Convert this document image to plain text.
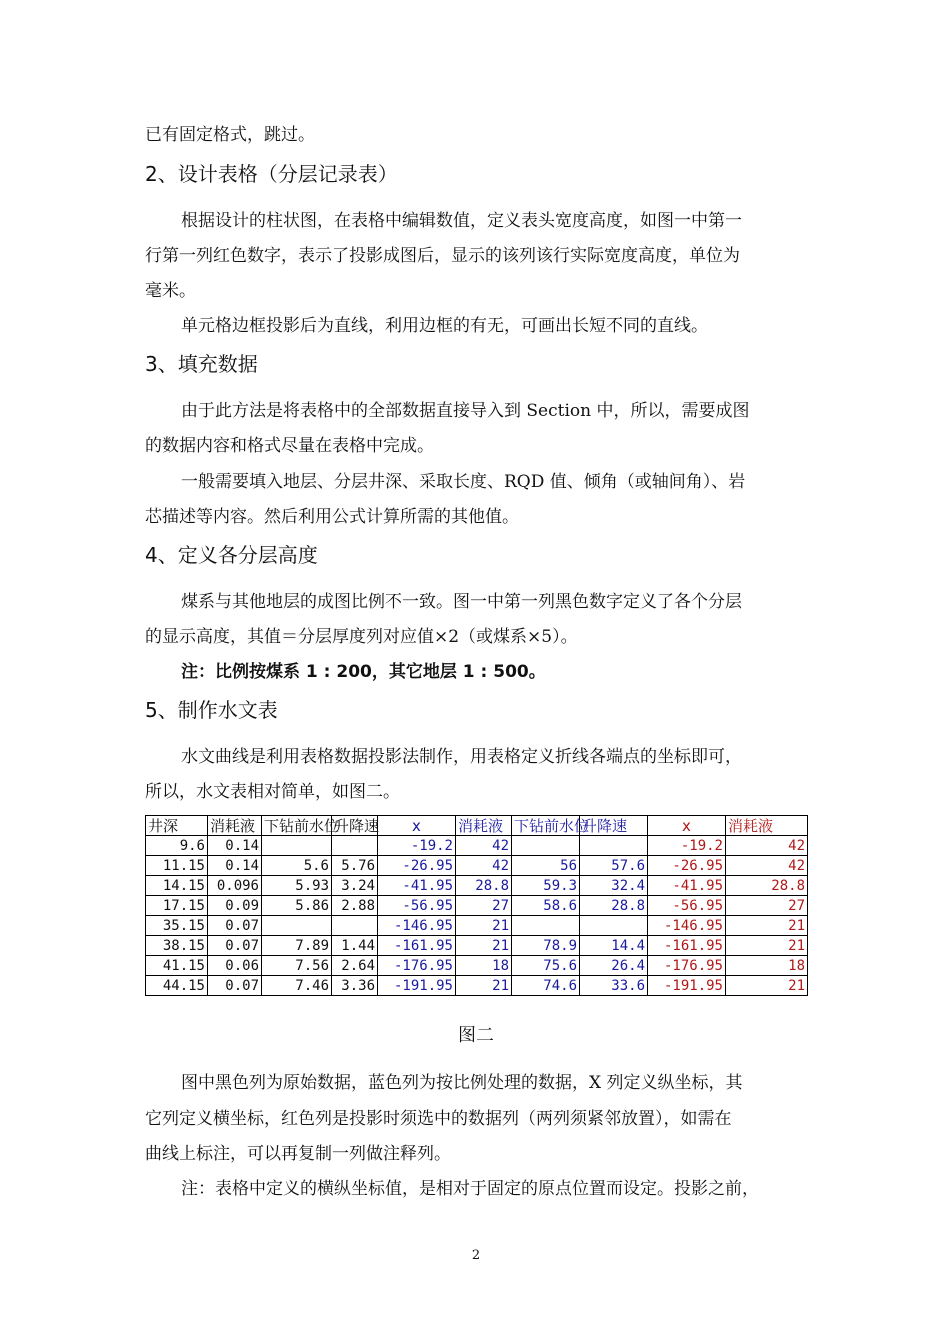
已有固定格式，跳过。
2、设计表格（分层记录表）
根据设计的柱状图，在表格中编辑数值，定义表头宽度高度，如图一中第一
行第一列红色数字，表示了投影成图后，显示的该列该行实际宽度高度，单位为
毫米。
单元格边框投影后为直线，利用边框的有无，可画出长短不同的直线。
3、填充数据
由于此方法是将表格中的全部数据直接导入到 Section 中，所以，需要成图
的数据内容和格式尽量在表格中完成。
一般需要填入地层、分层井深、采取长度、RQD 值、倾角（或轴间角）、岩
芯描述等内容。然后利用公式计算所需的其他值。
4、定义各分层高度
煤系与其他地层的成图比例不一致。图一中第一列黑色数字定义了各个分层
的显示高度，其值＝分层厚度列对应值×2（或煤系×5）。
注：比例按煤系 1 : 200，其它地层 1 : 500。
5、制作水文表
水文曲线是利用表格数据投影法制作，用表格定义折线各端点的坐标即可，
所以，水文表相对简单，如图二。
井深	消耗液	下钻前水位	升降速	x	消耗液	下钻前水位	升降速	x	消耗液
9.6	0.14			-19.2	42			-19.2	42
11.15	0.14	5.6	5.76	-26.95	42	56	57.6	-26.95	42
14.15	0.096	5.93	3.24	-41.95	28.8	59.3	32.4	-41.95	28.8
17.15	0.09	5.86	2.88	-56.95	27	58.6	28.8	-56.95	27
35.15	0.07			-146.95	21			-146.95	21
38.15	0.07	7.89	1.44	-161.95	21	78.9	14.4	-161.95	21
41.15	0.06	7.56	2.64	-176.95	18	75.6	26.4	-176.95	18
44.15	0.07	7.46	3.36	-191.95	21	74.6	33.6	-191.95	21
图二
图中黑色列为原始数据，蓝色列为按比例处理的数据，X 列定义纵坐标，其
它列定义横坐标，红色列是投影时须选中的数据列（两列须紧邻放置），如需在
曲线上标注，可以再复制一列做注释列。
注：表格中定义的横纵坐标值，是相对于固定的原点位置而设定。投影之前，
2
